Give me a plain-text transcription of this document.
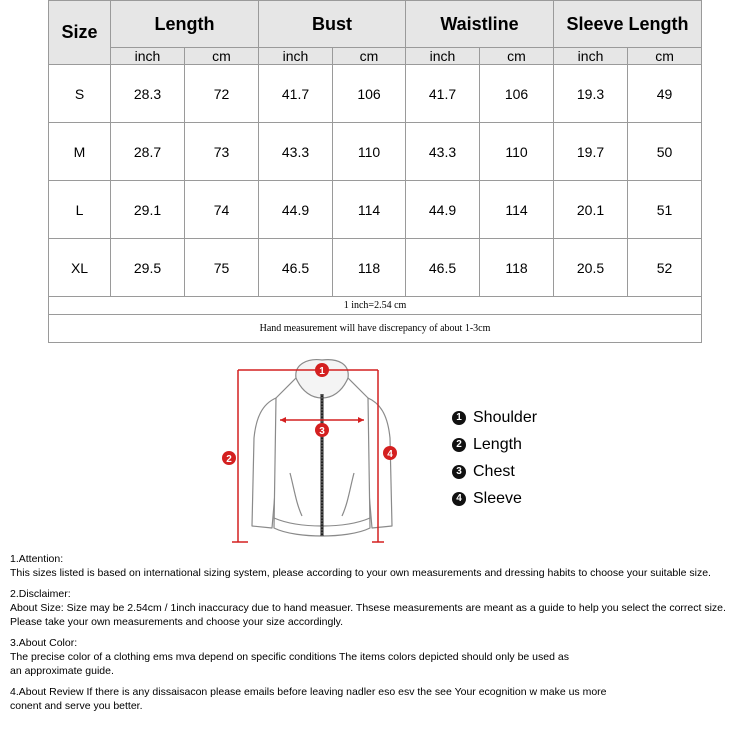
Size	Length		Bust		Waistline		Sleeve Length	
	inch	cm	inch	cm	inch	cm	inch	cm
S	28.3	72	41.7	106	41.7	106	19.3	49
M	28.7	73	43.3	110	43.3	110	19.7	50
L	29.1	74	44.9	114	44.9	114	20.1	51
XL	29.5	75	46.5	118	46.5	118	20.5	52
1 inch=2.54 cm								
Hand measurement will have discrepancy of about 1-3cm								
1
2
3
4
1 Shoulder
2 Length
3 Chest
4 Sleeve

1.Attention:

This sizes listed is based on international sizing system, please according to your own measurements and dressing habits to choose your suitable size.

2.Disclaimer:

About Size: Size may be 2.54cm / 1inch inaccuracy due to hand measuer. Thsese measurements are meant as a guide to help you select the correct size.

Please take your own measurements and choose your size accordingly.

3.About Color:

The precise color of a clothing ems mva depend on specific conditions The items colors depicted should only be used as

an approximate guide.

4.About Review If there is any dissaisacon please emails before leaving nadler eso esv the see Your ecognition w make us more

conent and serve you better.
